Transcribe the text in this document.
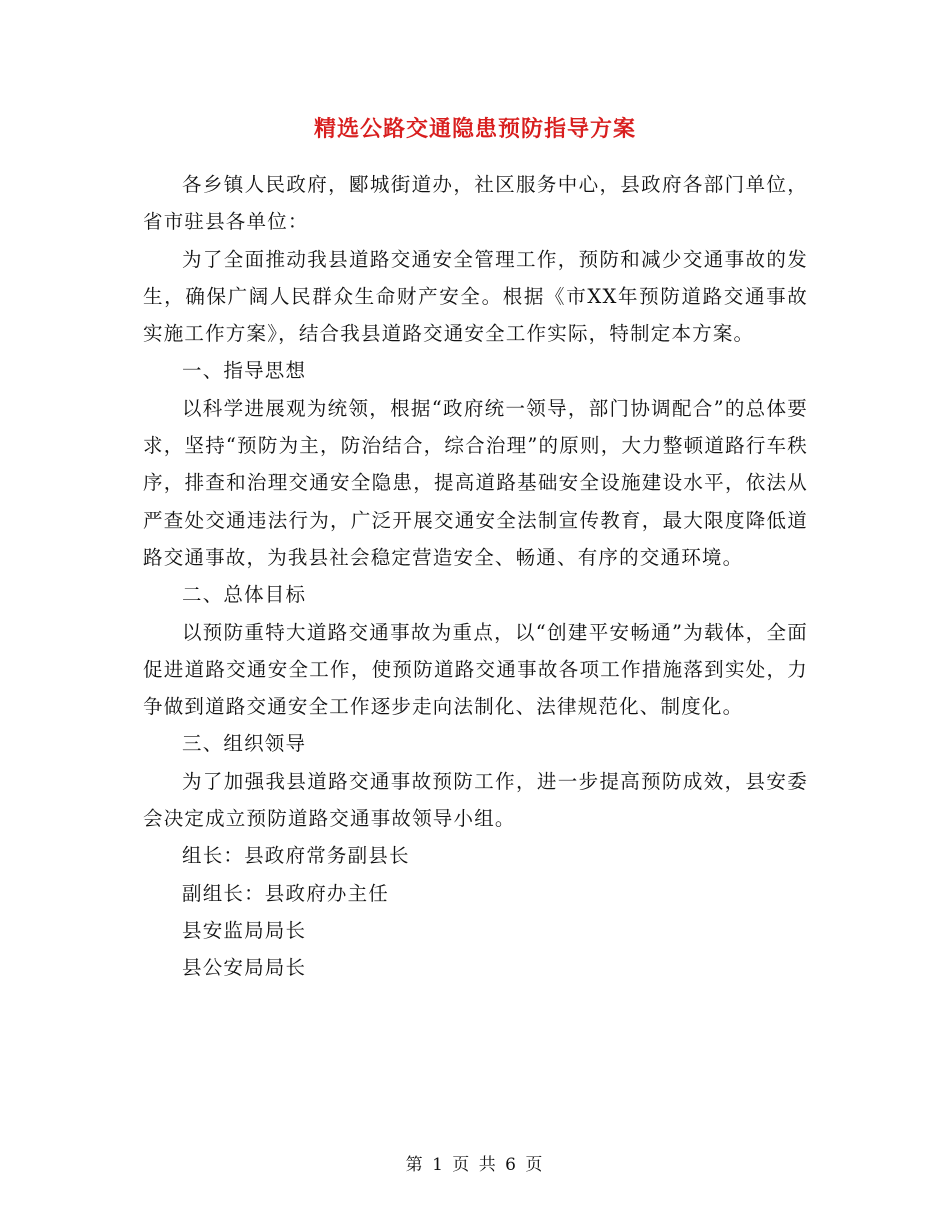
精选公路交通隐患预防指导方案

各乡镇人民政府，郾城街道办，社区服务中心，县政府各部门单位，省市驻县各单位：

为了全面推动我县道路交通安全管理工作，预防和减少交通事故的发生，确保广阔人民群众生命财产安全。根据《市XX年预防道路交通事故实施工作方案》，结合我县道路交通安全工作实际，特制定本方案。

一、指导思想

以科学进展观为统领，根据“政府统一领导，部门协调配合”的总体要求，坚持“预防为主，防治结合，综合治理”的原则，大力整顿道路行车秩序，排查和治理交通安全隐患，提高道路基础安全设施建设水平，依法从严查处交通违法行为，广泛开展交通安全法制宣传教育，最大限度降低道路交通事故，为我县社会稳定营造安全、畅通、有序的交通环境。

二、总体目标

以预防重特大道路交通事故为重点，以“创建平安畅通”为载体，全面促进道路交通安全工作，使预防道路交通事故各项工作措施落到实处，力争做到道路交通安全工作逐步走向法制化、法律规范化、制度化。

三、组织领导

为了加强我县道路交通事故预防工作，进一步提高预防成效，县安委会决定成立预防道路交通事故领导小组。

组长：县政府常务副县长

副组长：县政府办主任

县安监局局长

县公安局局长

第 1 页 共 6 页
